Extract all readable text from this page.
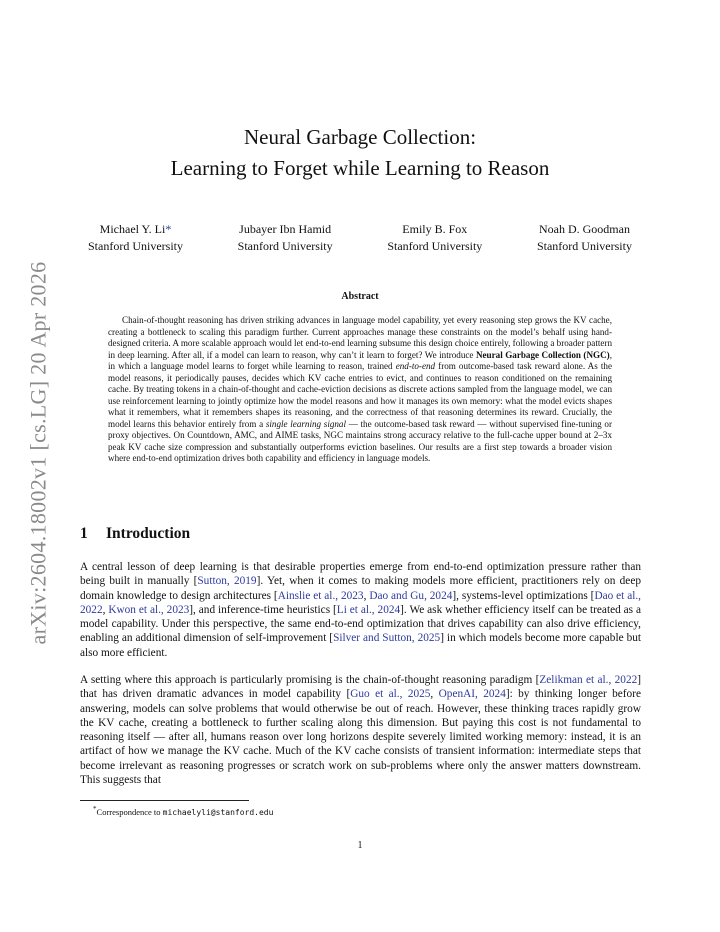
arXiv:2604.18002v1 [cs.LG] 20 Apr 2026
Neural Garbage Collection:
Learning to Forget while Learning to Reason
Michael Y. Li*
Stanford University
Jubayer Ibn Hamid
Stanford University
Emily B. Fox
Stanford University
Noah D. Goodman
Stanford University
Abstract

Chain-of-thought reasoning has driven striking advances in language model capability, yet every reasoning step grows the KV cache, creating a bottleneck to scaling this paradigm further. Current approaches manage these constraints on the model’s behalf using hand-designed criteria. A more scalable approach would let end-to-end learning subsume this design choice entirely, following a broader pattern in deep learning. After all, if a model can learn to reason, why can’t it learn to forget? We introduce Neural Garbage Collection (NGC), in which a language model learns to forget while learning to reason, trained end-to-end from outcome-based task reward alone. As the model reasons, it periodically pauses, decides which KV cache entries to evict, and continues to reason conditioned on the remaining cache. By treating tokens in a chain-of-thought and cache-eviction decisions as discrete actions sampled from the language model, we can use reinforcement learning to jointly optimize how the model reasons and how it manages its own memory: what the model evicts shapes what it remembers, what it remembers shapes its reasoning, and the correctness of that reasoning determines its reward. Crucially, the model learns this behavior entirely from a single learning signal — the outcome-based task reward — without supervised fine-tuning or proxy objectives. On Countdown, AMC, and AIME tasks, NGC maintains strong accuracy relative to the full-cache upper bound at 2–3x peak KV cache size compression and substantially outperforms eviction baselines. Our results are a first step towards a broader vision where end-to-end optimization drives both capability and efficiency in language models.

1 Introduction

A central lesson of deep learning is that desirable properties emerge from end-to-end optimization pressure rather than being built in manually [Sutton, 2019]. Yet, when it comes to making models more efficient, practitioners rely on deep domain knowledge to design architectures [Ainslie et al., 2023, Dao and Gu, 2024], systems-level optimizations [Dao et al., 2022, Kwon et al., 2023], and inference-time heuristics [Li et al., 2024]. We ask whether efficiency itself can be treated as a model capability. Under this perspective, the same end-to-end optimization that drives capability can also drive efficiency, enabling an additional dimension of self-improvement [Silver and Sutton, 2025] in which models become more capable but also more efficient.

A setting where this approach is particularly promising is the chain-of-thought reasoning paradigm [Zelikman et al., 2022] that has driven dramatic advances in model capability [Guo et al., 2025, OpenAI, 2024]: by thinking longer before answering, models can solve problems that would otherwise be out of reach. However, these thinking traces rapidly grow the KV cache, creating a bottleneck to further scaling along this dimension. But paying this cost is not fundamental to reasoning itself — after all, humans reason over long horizons despite severely limited working memory: instead, it is an artifact of how we manage the KV cache. Much of the KV cache consists of transient information: intermediate steps that become irrelevant as reasoning progresses or scratch work on sub-problems where only the answer matters downstream. This suggests that

*Correspondence to michaelyli@stanford.edu
1
